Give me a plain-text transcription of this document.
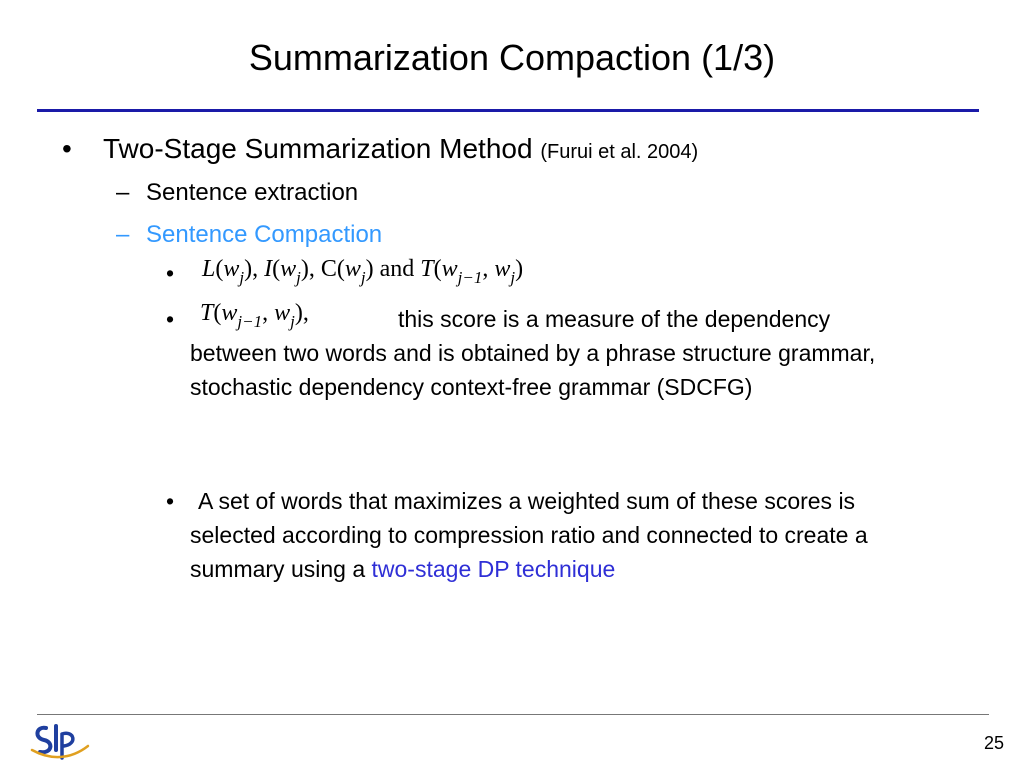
Summarization Compaction (1/3)
• Two-Stage Summarization Method (Furui et al. 2004)
– Sentence extraction
– Sentence Compaction
• $L(w_j)$, $I(w_j)$, $C(w_j)$ and $T(w_{j-1}$, $w_j$)
• $T(w_{j-1}$, $w_j$),	this score is a measure of the dependency
between two words and is obtained by a phrase structure grammar, stochastic dependency context-free grammar (SDCFG)
•	A set of words that maximizes a weighted sum of these scores is selected according to compression ratio and connected to create a summary using a two-stage DP technique
25
